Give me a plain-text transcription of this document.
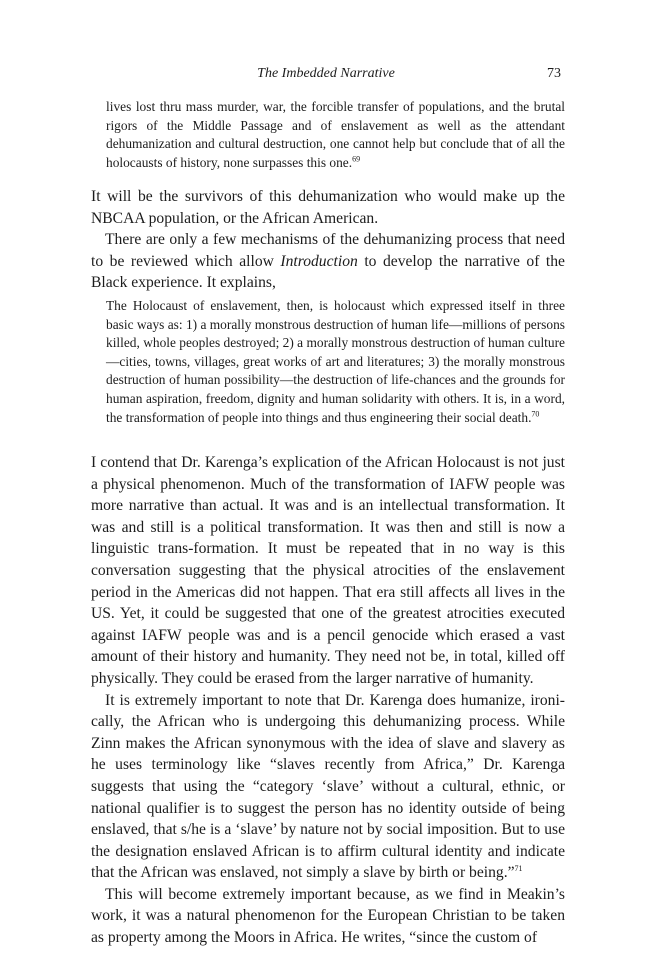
The Imbedded Narrative	73

lives lost thru mass murder, war, the forcible transfer of populations, and the brutal rigors of the Middle Passage and of enslavement as well as the attendant dehumanization and cultural destruction, one cannot help but conclude that of all the holocausts of history, none surpasses this one.$^{69}$

It will be the survivors of this dehumanization who would make up the NBCAA population, or the African American.

There are only a few mechanisms of the dehumanizing process that need to be reviewed which allow Introduction to develop the narrative of the Black experience. It explains,

The Holocaust of enslavement, then, is holocaust which expressed itself in three basic ways as: 1) a morally monstrous destruction of human life—millions of persons killed, whole peoples destroyed; 2) a morally monstrous destruction of human culture—cities, towns, villages, great works of art and literatures; 3) the morally monstrous destruction of human possibility—the destruction of life-chances and the grounds for human aspiration, freedom, dignity and human solidarity with others. It is, in a word, the transformation of people into things and thus engineering their social death.$^{70}$

I contend that Dr. Karenga’s explication of the African Holocaust is not just a physical phenomenon. Much of the transformation of IAFW people was more narrative than actual. It was and is an intellectual transformation. It was and still is a political transformation. It was then and still is now a linguistic trans-formation. It must be repeated that in no way is this conversation suggesting that the physical atrocities of the enslavement period in the Americas did not happen. That era still affects all lives in the US. Yet, it could be suggested that one of the greatest atrocities executed against IAFW people was and is a pencil genocide which erased a vast amount of their history and humanity. They need not be, in total, killed off physically. They could be erased from the larger narrative of humanity.

It is extremely important to note that Dr. Karenga does humanize, ironi-cally, the African who is undergoing this dehumanizing process. While Zinn makes the African synonymous with the idea of slave and slavery as he uses terminology like “slaves recently from Africa,” Dr. Karenga suggests that using the “category ‘slave’ without a cultural, ethnic, or national qualifier is to suggest the person has no identity outside of being enslaved, that s/he is a ‘slave’ by nature not by social imposition. But to use the designation enslaved African is to affirm cultural identity and indicate that the African was enslaved, not simply a slave by birth or being.”$^{71}$

This will become extremely important because, as we find in Meakin’s work, it was a natural phenomenon for the European Christian to be taken as property among the Moors in Africa. He writes, “since the custom of
